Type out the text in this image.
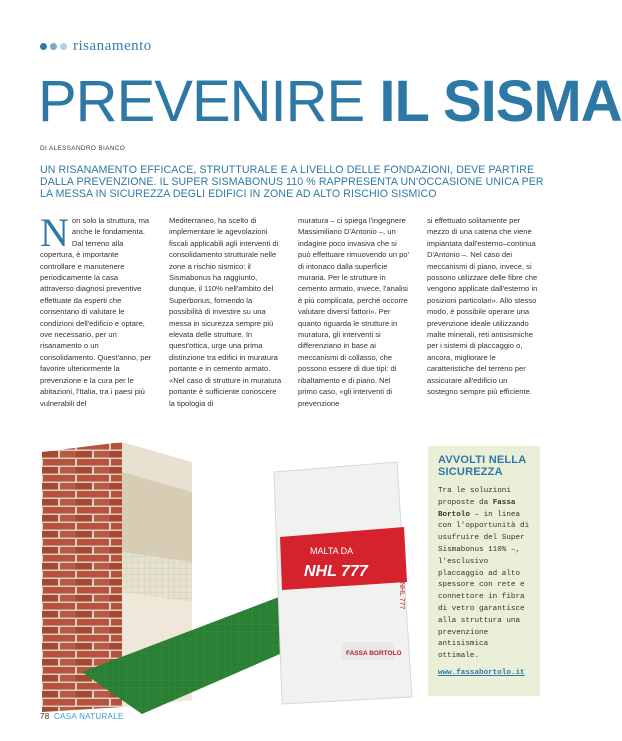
risanamento
PREVENIRE IL SISMA
DI ALESSANDRO BIANCO

UN RISANAMENTO EFFICACE, STRUTTURALE E A LIVELLO DELLE FONDAZIONI, DEVE PARTIRE DALLA PREVENZIONE. IL SUPER SISMABONUS 110 % RAPPRESENTA UN'OCCASIONE UNICA PER LA MESSA IN SICUREZZA DEGLI EDIFICI IN ZONE AD ALTO RISCHIO SISMICO

Non solo la struttura, ma anche le fondamenta. Dal terreno alla copertura, è importante controllare e manutenere periodicamente la casa attraverso diagnosi preventive effettuate da esperti che consentano di valutare le condizioni dell'edificio e optare, ove necessario, per un risanamento o un consolidamento. Quest'anno, per favorire ulteriormente la prevenzione e la cura per le abitazioni, l'Italia, tra i paesi più vulnerabili del
Mediterraneo, ha scelto di implementare le agevolazioni fiscali applicabili agli interventi di consolidamento strutturale nelle zone a rischio sismico: il Sismabonus ha raggiunto, dunque, il 110% nell'ambito del Superbonus, fornendo la possibilità di investire su una messa in sicurezza sempre più elevata delle strutture. In quest'ottica, urge una prima distinzione tra edifici in muratura portante e in cemento armato. «Nel caso di strutture in muratura portante è sufficiente conoscere la tipologia di
muratura – ci spiega l'ingegnere Massimiliano D'Antonio –, un indagine poco invasiva che si può effettuare rimuovendo un po' di intonaco dalla superficie muraria. Per le strutture in cemento armato, invece, l'analisi è più complicata, perché occorre valutare diversi fattori». Per quanto riguarda le strutture in muratura, gli interventi si differenziano in base ai meccanismi di collasso, che possono essere di due tipi: di ribaltamento e di piano. Nel primo caso, «gli interventi di prevenzione
si effettuato solitamente per mezzo di una catena che viene impiantata dall'esterno–continua D'Antonio –. Nel caso dei meccanismi di piano, invece, si possono utilizzare delle fibre che vengono applicate dall'esterno in posizioni particolari». Allo stesso modo, è possibile operare una prevenzione ideale utilizzando malte minerali, reti antisismiche per i sistemi di placcaggio o, ancora, migliorare le caratteristiche del terreno per assicurare all'edificio un sostegno sempre più efficiente.
MALTA DA
NHL 777
FASSA BORTOLO
NHL 777
AVVOLTI NELLA SICUREZZA

Tra le soluzioni proposte da Fassa Bortolo – in linea con l'opportunità di usufruire del Super Sismabonus 110% –, l'esclusivo placcaggio ad alto spessore con rete e connettore in fibra di vetro garantisce alla struttura una prevenzione antisismica ottimale.

www.fassabortolo.it
78 CASA NATURALE
